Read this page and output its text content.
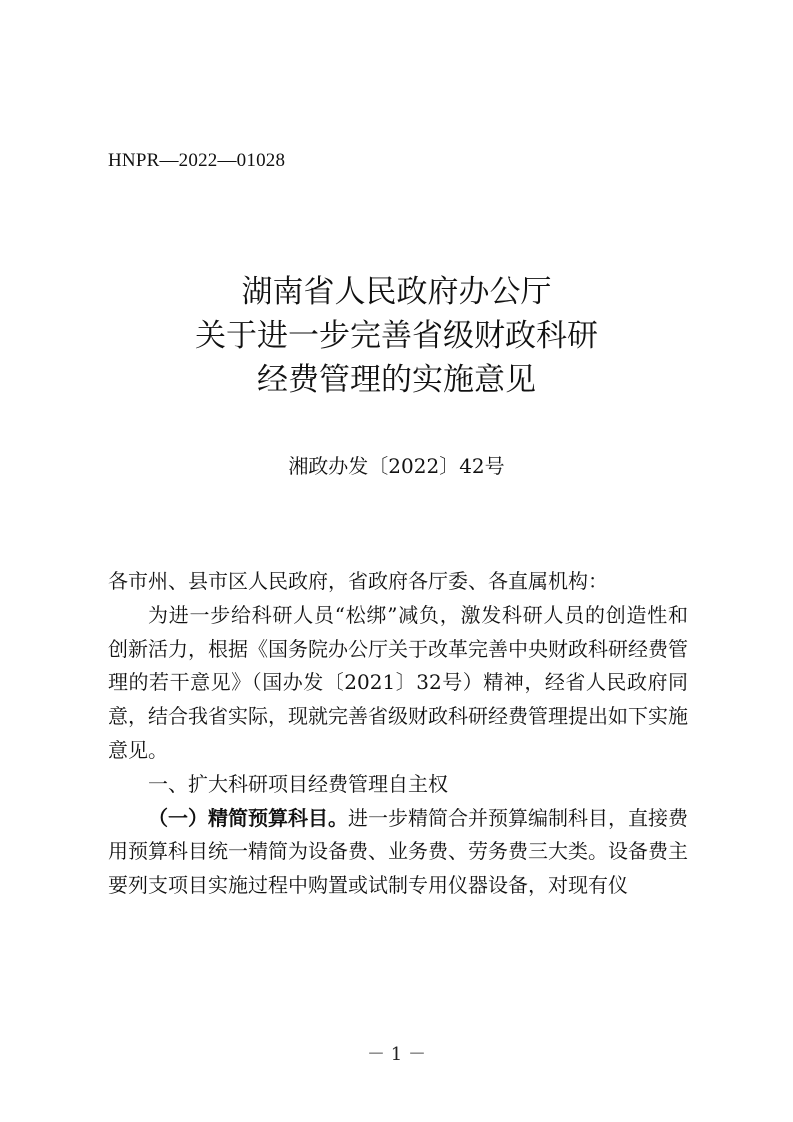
HNPR—2022—01028
湖南省人民政府办公厅
关于进一步完善省级财政科研
经费管理的实施意见
湘政办发〔2022〕42号

各市州、县市区人民政府，省政府各厅委、各直属机构：

为进一步给科研人员“松绑”减负，激发科研人员的创造性和创新活力，根据《国务院办公厅关于改革完善中央财政科研经费管理的若干意见》（国办发〔2021〕32号）精神，经省人民政府同意，结合我省实际，现就完善省级财政科研经费管理提出如下实施意见。

一、扩大科研项目经费管理自主权

（一）精简预算科目。进一步精简合并预算编制科目，直接费用预算科目统一精简为设备费、业务费、劳务费三大类。设备费主要列支项目实施过程中购置或试制专用仪器设备，对现有仪

－ 1 －
